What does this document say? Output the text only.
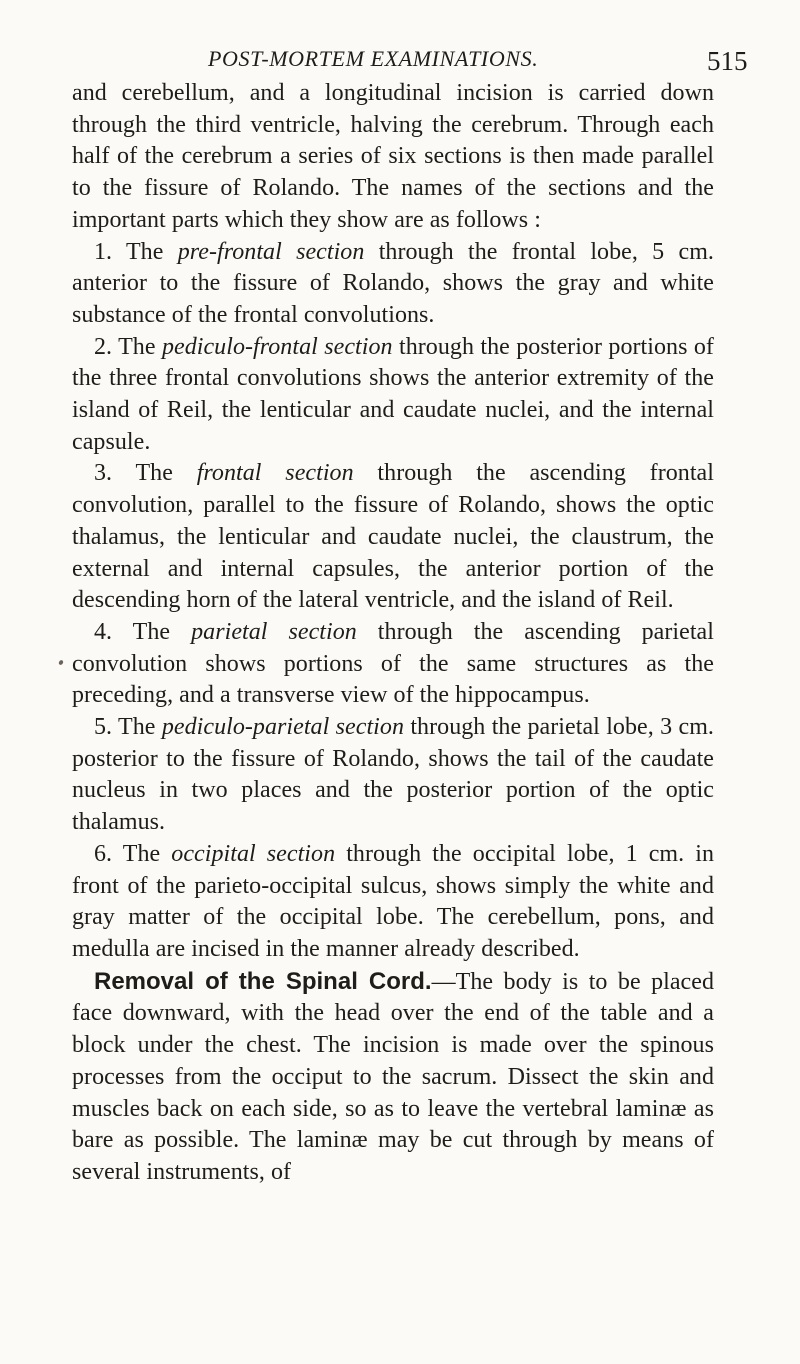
POST-MORTEM EXAMINATIONS.	515

and cerebellum, and a longitudinal incision is carried down through the third ventricle, halving the cerebrum. Through each half of the cerebrum a series of six sections is then made parallel to the fissure of Rolando. The names of the sections and the important parts which they show are as follows :

1. The pre-frontal section through the frontal lobe, 5 cm. anterior to the fissure of Rolando, shows the gray and white substance of the frontal convolutions.

2. The pediculo-frontal section through the posterior portions of the three frontal convolutions shows the anterior extremity of the island of Reil, the lenticular and caudate nuclei, and the internal capsule.

3. The frontal section through the ascending frontal convolution, parallel to the fissure of Rolando, shows the optic thalamus, the lenticular and caudate nuclei, the claustrum, the external and internal capsules, the anterior portion of the descending horn of the lateral ventricle, and the island of Reil.

4. The parietal section through the ascending parietal convolution shows portions of the same structures as the preceding, and a transverse view of the hippocampus.

5. The pediculo-parietal section through the parietal lobe, 3 cm. posterior to the fissure of Rolando, shows the tail of the caudate nucleus in two places and the posterior portion of the optic thalamus.

6. The occipital section through the occipital lobe, 1 cm. in front of the parieto-occipital sulcus, shows simply the white and gray matter of the occipital lobe. The cerebellum, pons, and medulla are incised in the manner already described.

Removal of the Spinal Cord.—The body is to be placed face downward, with the head over the end of the table and a block under the chest. The incision is made over the spinous processes from the occiput to the sacrum. Dissect the skin and muscles back on each side, so as to leave the vertebral laminæ as bare as possible. The laminæ may be cut through by means of several instruments, of
